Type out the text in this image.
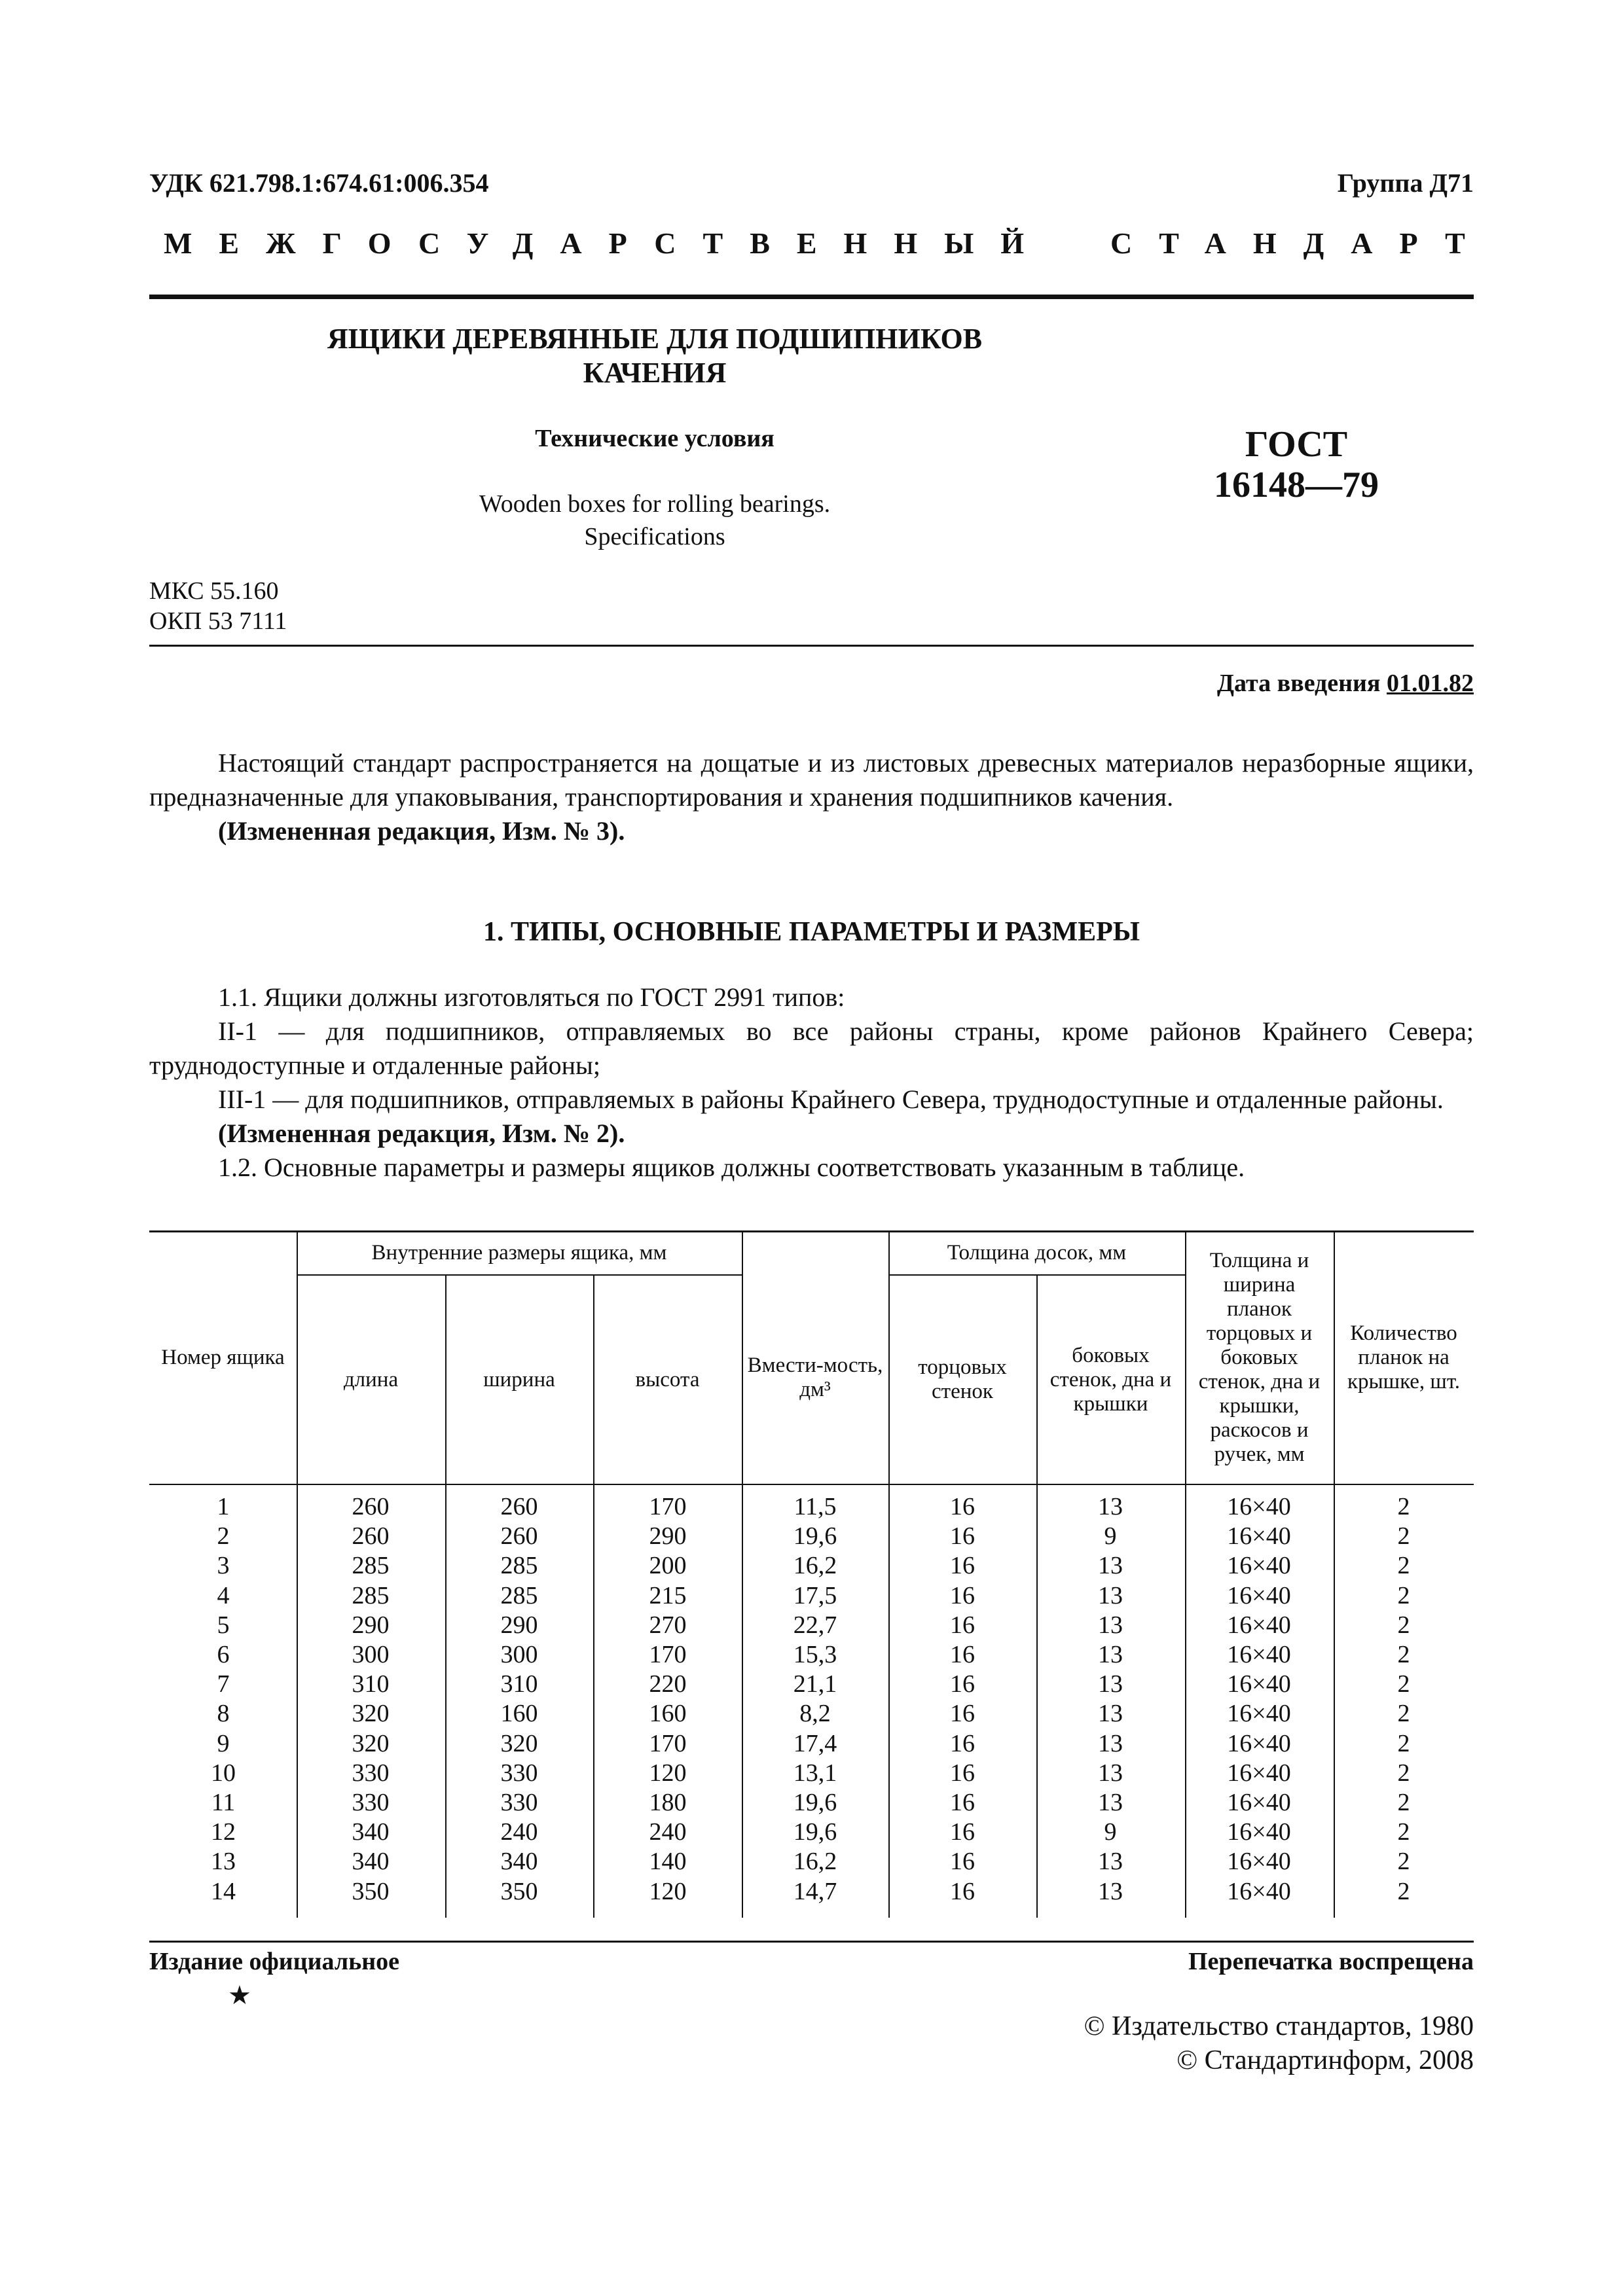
УДК 621.798.1:674.61:006.354	Группа Д71
МЕЖГОСУДАРСТВЕННЫЙ СТАНДАРТ
ЯЩИКИ ДЕРЕВЯННЫЕ ДЛЯ ПОДШИПНИКОВ
КАЧЕНИЯ
Технические условия
Wooden boxes for rolling bearings.
Specifications
ГОСТ
16148—79
МКС 55.160
ОКП 53 7111
Дата введения 01.01.82
Настоящий стандарт распространяется на дощатые и из листовых древесных материалов неразборные ящики, предназначенные для упаковывания, транспортирования и хранения подшипников качения.
(Измененная редакция, Изм. № 3).
1. ТИПЫ, ОСНОВНЫЕ ПАРАМЕТРЫ И РАЗМЕРЫ
1.1. Ящики должны изготовляться по ГОСТ 2991 типов:
II-1 — для подшипников, отправляемых во все районы страны, кроме районов Крайнего Севера; труднодоступные и отдаленные районы;
III-1 — для подшипников, отправляемых в районы Крайнего Севера, труднодоступные и отдаленные районы.
(Измененная редакция, Изм. № 2).
1.2. Основные параметры и размеры ящиков должны соответствовать указанным в таблице.
Номер ящика
Внутренние размеры ящика, мм
длина	ширина	высота
Вмести-мость, дм³
Толщина досок, мм
торцовых стенок
боковых стенок, дна и крышки
Толщина и ширина планок торцовых и боковых стенок, дна и крышки, раскосов и ручек, мм
Количество планок на крышке, шт.
1	260	260	170	11,5	16	13	16×40	2
2	260	260	290	19,6	16	9	16×40	2
3	285	285	200	16,2	16	13	16×40	2
4	285	285	215	17,5	16	13	16×40	2
5	290	290	270	22,7	16	13	16×40	2
6	300	300	170	15,3	16	13	16×40	2
7	310	310	220	21,1	16	13	16×40	2
8	320	160	160	8,2	16	13	16×40	2
9	320	320	170	17,4	16	13	16×40	2
10	330	330	120	13,1	16	13	16×40	2
11	330	330	180	19,6	16	13	16×40	2
12	340	240	240	19,6	16	9	16×40	2
13	340	340	140	16,2	16	13	16×40	2
14	350	350	120	14,7	16	13	16×40	2
Издание официальное	Перепечатка воспрещена
★
© Издательство стандартов, 1980
© Стандартинформ, 2008
